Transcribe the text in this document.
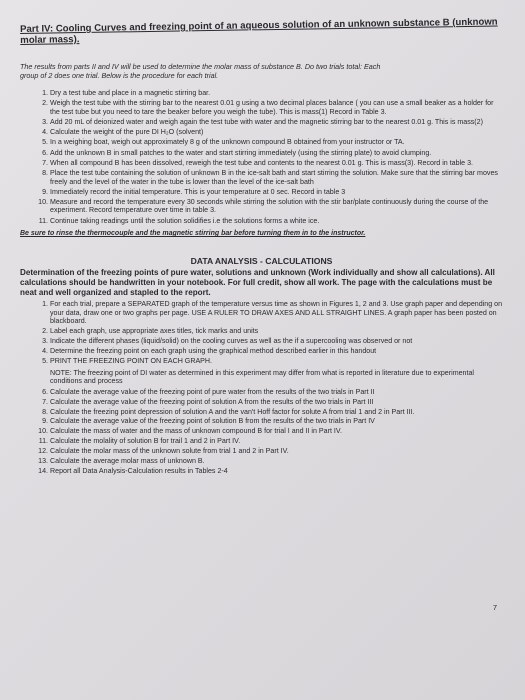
Part IV: Cooling Curves and freezing point of an aqueous solution of an unknown substance B (unknown molar mass).

The results from parts II and IV will be used to determine the molar mass of substance B. Do two trials total: Each group of 2 does one trial. Below is the procedure for each trial.

1. Dry a test tube and place in a magnetic stirring bar.
2. Weigh the test tube with the stirring bar to the nearest 0.01 g using a two decimal places balance ( you can use a small beaker as a holder for the test tube but you need to tare the beaker before you weigh the tube). This is mass(1) Record in Table 3.
3. Add 20 mL of deionized water and weigh again the test tube with water and the magnetic stirring bar to the nearest 0.01 g. This is mass(2)
4. Calculate the weight of the pure DI H₂O (solvent)
5. In a weighing boat, weigh out approximately 8 g of the unknown compound B obtained from your instructor or TA.
6. Add the unknown B in small patches to the water and start stirring immediately (using the stirring plate) to avoid clumping.
7. When all compound B has been dissolved, reweigh the test tube and contents to the nearest 0.01 g. This is mass(3). Record in table 3.
8. Place the test tube containing the solution of unknown B in the ice-salt bath and start stirring the solution. Make sure that the stirring bar moves freely and the level of the water in the tube is lower than the level of the ice-salt bath
9. Immediately record the initial temperature. This is your temperature at 0 sec. Record in table 3
10. Measure and record the temperature every 30 seconds while stirring the solution with the stir bar/plate continuously during the course of the experiment. Record temperature over time in table 3.
11. Continue taking readings until the solution solidifies i.e the solutions forms a white ice.

Be sure to rinse the thermocouple and the magnetic stirring bar before turning them in to the instructor.

DATA ANALYSIS - CALCULATIONS

Determination of the freezing points of pure water, solutions and unknown (Work individually and show all calculations). All calculations should be handwritten in your notebook. For full credit, show all work. The page with the calculations must be neat and well organized and stapled to the report.

1. For each trial, prepare a SEPARATED graph of the temperature versus time as shown in Figures 1, 2 and 3. Use graph paper and depending on your data, draw one or two graphs per page. USE A RULER TO DRAW AXES AND ALL STRAIGHT LINES. A graph paper has been posted on blackboard.
2. Label each graph, use appropriate axes titles, tick marks and units
3. Indicate the different phases (liquid/solid) on the cooling curves as well as the if a supercooling was observed or not
4. Determine the freezing point on each graph using the graphical method described earlier in this handout
5. PRINT THE FREEZING POINT ON EACH GRAPH.

NOTE: The freezing point of DI water as determined in this experiment may differ from what is reported in literature due to experimental conditions and process

6. Calculate the average value of the freezing point of pure water from the results of the two trials in Part II
7. Calculate the average value of the freezing point of solution A from the results of the two trials in Part III
8. Calculate the freezing point depression of solution A and the van't Hoff factor for solute A from trial 1 and 2 in Part III.
9. Calculate the average value of the freezing point of solution B from the results of the two trials in Part IV
10. Calculate the mass of water and the mass of unknown compound B for trial I and II in Part IV.
11. Calculate the molality of solution B for trail 1 and 2 in Part IV.
12. Calculate the molar mass of the unknown solute from trial 1 and 2 in Part IV.
13. Calculate the average molar mass of unknown B.
14. Report all Data Analysis-Calculation results in Tables 2-4
7
